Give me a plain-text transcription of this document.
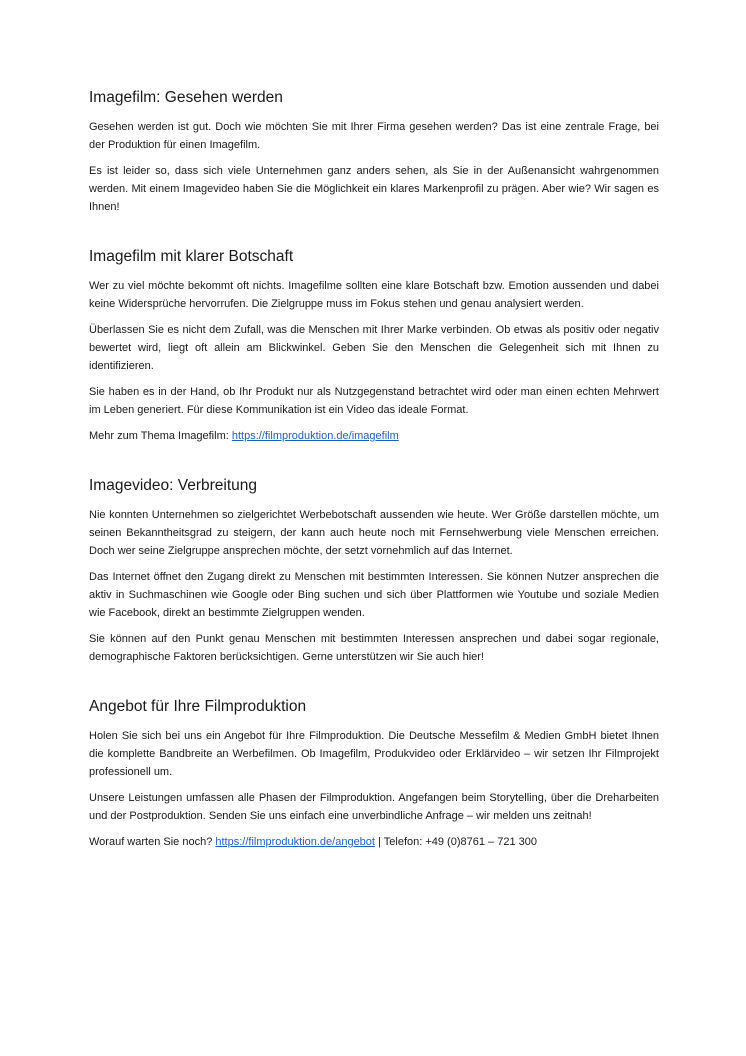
Imagefilm: Gesehen werden

Gesehen werden ist gut. Doch wie möchten Sie mit Ihrer Firma gesehen werden? Das ist eine zentrale Frage, bei der Produktion für einen Imagefilm.

Es ist leider so, dass sich viele Unternehmen ganz anders sehen, als Sie in der Außenansicht wahrgenommen werden. Mit einem Imagevideo haben Sie die Möglichkeit ein klares Markenprofil zu prägen. Aber wie? Wir sagen es Ihnen!

Imagefilm mit klarer Botschaft

Wer zu viel möchte bekommt oft nichts. Imagefilme sollten eine klare Botschaft bzw. Emotion aussenden und dabei keine Widersprüche hervorrufen. Die Zielgruppe muss im Fokus stehen und genau analysiert werden.

Überlassen Sie es nicht dem Zufall, was die Menschen mit Ihrer Marke verbinden. Ob etwas als positiv oder negativ bewertet wird, liegt oft allein am Blickwinkel. Geben Sie den Menschen die Gelegenheit sich mit Ihnen zu identifizieren.

Sie haben es in der Hand, ob Ihr Produkt nur als Nutzgegenstand betrachtet wird oder man einen echten Mehrwert im Leben generiert. Für diese Kommunikation ist ein Video das ideale Format.

Mehr zum Thema Imagefilm: https://filmproduktion.de/imagefilm

Imagevideo: Verbreitung

Nie konnten Unternehmen so zielgerichtet Werbebotschaft aussenden wie heute. Wer Größe darstellen möchte, um seinen Bekanntheitsgrad zu steigern, der kann auch heute noch mit Fernsehwerbung viele Menschen erreichen. Doch wer seine Zielgruppe ansprechen möchte, der setzt vornehmlich auf das Internet.

Das Internet öffnet den Zugang direkt zu Menschen mit bestimmten Interessen. Sie können Nutzer ansprechen die aktiv in Suchmaschinen wie Google oder Bing suchen und sich über Plattformen wie Youtube und soziale Medien wie Facebook, direkt an bestimmte Zielgruppen wenden.

Sie können auf den Punkt genau Menschen mit bestimmten Interessen ansprechen und dabei sogar regionale, demographische Faktoren berücksichtigen. Gerne unterstützen wir Sie auch hier!

Angebot für Ihre Filmproduktion

Holen Sie sich bei uns ein Angebot für Ihre Filmproduktion. Die Deutsche Messefilm & Medien GmbH bietet Ihnen die komplette Bandbreite an Werbefilmen. Ob Imagefilm, Produkvideo oder Erklärvideo – wir setzen Ihr Filmprojekt professionell um.

Unsere Leistungen umfassen alle Phasen der Filmproduktion. Angefangen beim Storytelling, über die Dreharbeiten und der Postproduktion. Senden Sie uns einfach eine unverbindliche Anfrage – wir melden uns zeitnah!

Worauf warten Sie noch? https://filmproduktion.de/angebot | Telefon: +49 (0)8761 – 721 300
